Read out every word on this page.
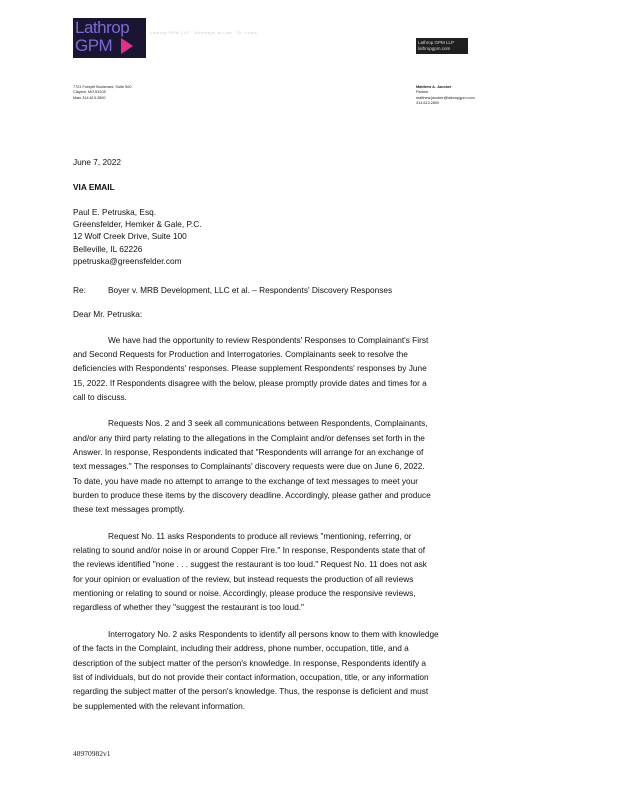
Lathrop
GPM
Lathrop GPM LLP · Attorneys at Law · St. Louis
Lathrop GPM LLP
lathropgpm.com
7701 Forsyth Boulevard, Suite 500
Clayton, MO 63105
Main 314.613.2800
Matthew A. Jacober
Partner
matthew.jacober@lathropgpm.com
314.613.2800
June 7, 2022
VIA EMAIL
Paul E. Petruska, Esq.
Greensfelder, Hemker & Gale, P.C.
12 Wolf Creek Drive, Suite 100
Belleville, IL 62226
ppetruska@greensfelder.com
Re:	Boyer v. MRB Development, LLC et al. – Respondents' Discovery Responses
Dear Mr. Petruska:
We have had the opportunity to review Respondents' Responses to Complainant's First
and Second Requests for Production and Interrogatories. Complainants seek to resolve the
deficiencies with Respondents' responses. Please supplement Respondents' responses by June
15, 2022. If Respondents disagree with the below, please promptly provide dates and times for a
call to discuss.
Requests Nos. 2 and 3 seek all communications between Respondents, Complainants,
and/or any third party relating to the allegations in the Complaint and/or defenses set forth in the
Answer. In response, Respondents indicated that "Respondents will arrange for an exchange of
text messages." The responses to Complainants' discovery requests were due on June 6, 2022.
To date, you have made no attempt to arrange to the exchange of text messages to meet your
burden to produce these items by the discovery deadline. Accordingly, please gather and produce
these text messages promptly.
Request No. 11 asks Respondents to produce all reviews "mentioning, referring, or
relating to sound and/or noise in or around Copper Fire." In response, Respondents state that of
the reviews identified "none . . . suggest the restaurant is too loud." Request No. 11 does not ask
for your opinion or evaluation of the review, but instead requests the production of all reviews
mentioning or relating to sound or noise. Accordingly, please produce the responsive reviews,
regardless of whether they "suggest the restaurant is too loud."
Interrogatory No. 2 asks Respondents to identify all persons know to them with knowledge
of the facts in the Complaint, including their address, phone number, occupation, title, and a
description of the subject matter of the person's knowledge. In response, Respondents identify a
list of individuals, but do not provide their contact information, occupation, title, or any information
regarding the subject matter of the person's knowledge. Thus, the response is deficient and must
be supplemented with the relevant information.
48970982v1
